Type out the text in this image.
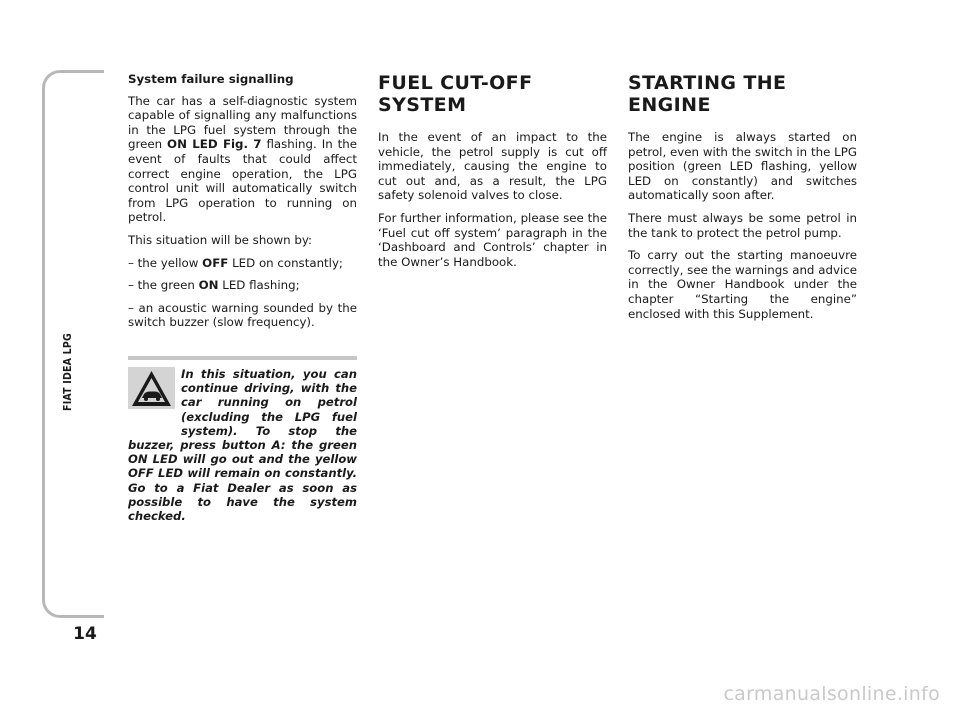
FIAT IDEA LPG
14

System failure signalling

The car has a self-diagnostic system capable of signalling any malfunctions in the LPG fuel system through the green ON LED Fig. 7 flashing. In the event of faults that could affect correct engine operation, the LPG control unit will automatically switch from LPG operation to running on petrol.

This situation will be shown by:

– the yellow OFF LED on constantly;

– the green ON LED flashing;

– an acoustic warning sounded by the switch buzzer (slow frequency).

In this situation, you can continue driving, with the car running on petrol (excluding the LPG fuel system). To stop the buzzer, press button A: the green ON LED will go out and the yellow OFF LED will remain on constantly. Go to a Fiat Dealer as soon as possible to have the system checked.

FUEL CUT-OFF SYSTEM

In the event of an impact to the vehicle, the petrol supply is cut off immediately, causing the engine to cut out and, as a result, the LPG safety solenoid valves to close.

For further information, please see the ‘Fuel cut off system’ paragraph in the ‘Dashboard and Controls’ chapter in the Owner’s Handbook.

STARTING THE
ENGINE

The engine is always started on petrol, even with the switch in the LPG position (green LED flashing, yellow LED on constantly) and switches automatically soon after.

There must always be some petrol in the tank to protect the petrol pump.

To carry out the starting manoeuvre correctly, see the warnings and advice in the Owner Handbook under the chapter “Starting the engine” enclosed with this Supplement.

carmanualsonline.info
